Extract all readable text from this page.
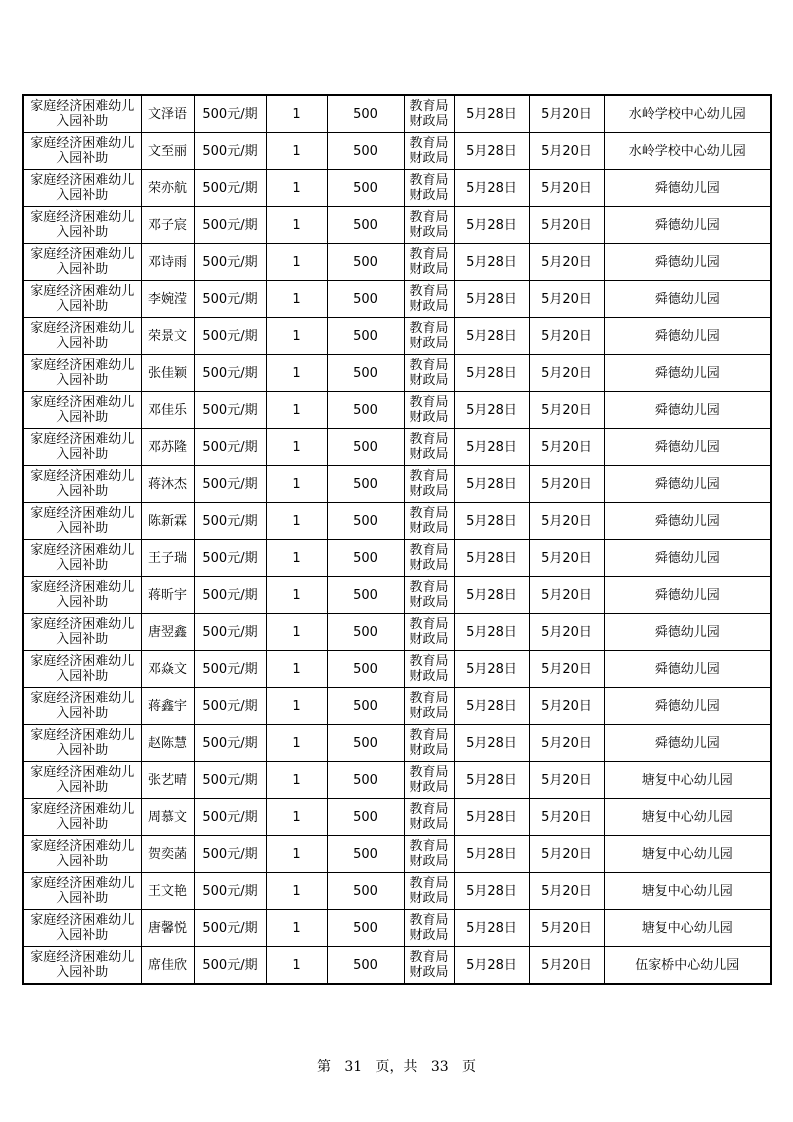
家庭经济困难幼儿入园补助	文泽语	500元/期	1	500	教育局财政局	5月28日	5月20日	水岭学校中心幼儿园
家庭经济困难幼儿入园补助	文至丽	500元/期	1	500	教育局财政局	5月28日	5月20日	水岭学校中心幼儿园
家庭经济困难幼儿入园补助	荣亦航	500元/期	1	500	教育局财政局	5月28日	5月20日	舜德幼儿园
家庭经济困难幼儿入园补助	邓子宸	500元/期	1	500	教育局财政局	5月28日	5月20日	舜德幼儿园
家庭经济困难幼儿入园补助	邓诗雨	500元/期	1	500	教育局财政局	5月28日	5月20日	舜德幼儿园
家庭经济困难幼儿入园补助	李婉滢	500元/期	1	500	教育局财政局	5月28日	5月20日	舜德幼儿园
家庭经济困难幼儿入园补助	荣景文	500元/期	1	500	教育局财政局	5月28日	5月20日	舜德幼儿园
家庭经济困难幼儿入园补助	张佳颖	500元/期	1	500	教育局财政局	5月28日	5月20日	舜德幼儿园
家庭经济困难幼儿入园补助	邓佳乐	500元/期	1	500	教育局财政局	5月28日	5月20日	舜德幼儿园
家庭经济困难幼儿入园补助	邓苏隆	500元/期	1	500	教育局财政局	5月28日	5月20日	舜德幼儿园
家庭经济困难幼儿入园补助	蒋沐杰	500元/期	1	500	教育局财政局	5月28日	5月20日	舜德幼儿园
家庭经济困难幼儿入园补助	陈新霖	500元/期	1	500	教育局财政局	5月28日	5月20日	舜德幼儿园
家庭经济困难幼儿入园补助	王子瑞	500元/期	1	500	教育局财政局	5月28日	5月20日	舜德幼儿园
家庭经济困难幼儿入园补助	蒋昕宇	500元/期	1	500	教育局财政局	5月28日	5月20日	舜德幼儿园
家庭经济困难幼儿入园补助	唐翌鑫	500元/期	1	500	教育局财政局	5月28日	5月20日	舜德幼儿园
家庭经济困难幼儿入园补助	邓焱文	500元/期	1	500	教育局财政局	5月28日	5月20日	舜德幼儿园
家庭经济困难幼儿入园补助	蒋鑫宇	500元/期	1	500	教育局财政局	5月28日	5月20日	舜德幼儿园
家庭经济困难幼儿入园补助	赵陈慧	500元/期	1	500	教育局财政局	5月28日	5月20日	舜德幼儿园
家庭经济困难幼儿入园补助	张艺晴	500元/期	1	500	教育局财政局	5月28日	5月20日	塘复中心幼儿园
家庭经济困难幼儿入园补助	周慕文	500元/期	1	500	教育局财政局	5月28日	5月20日	塘复中心幼儿园
家庭经济困难幼儿入园补助	贺奕菡	500元/期	1	500	教育局财政局	5月28日	5月20日	塘复中心幼儿园
家庭经济困难幼儿入园补助	王文艳	500元/期	1	500	教育局财政局	5月28日	5月20日	塘复中心幼儿园
家庭经济困难幼儿入园补助	唐馨悦	500元/期	1	500	教育局财政局	5月28日	5月20日	塘复中心幼儿园
家庭经济困难幼儿入园补助	席佳欣	500元/期	1	500	教育局财政局	5月28日	5月20日	伍家桥中心幼儿园
第 31 页，共 33 页
